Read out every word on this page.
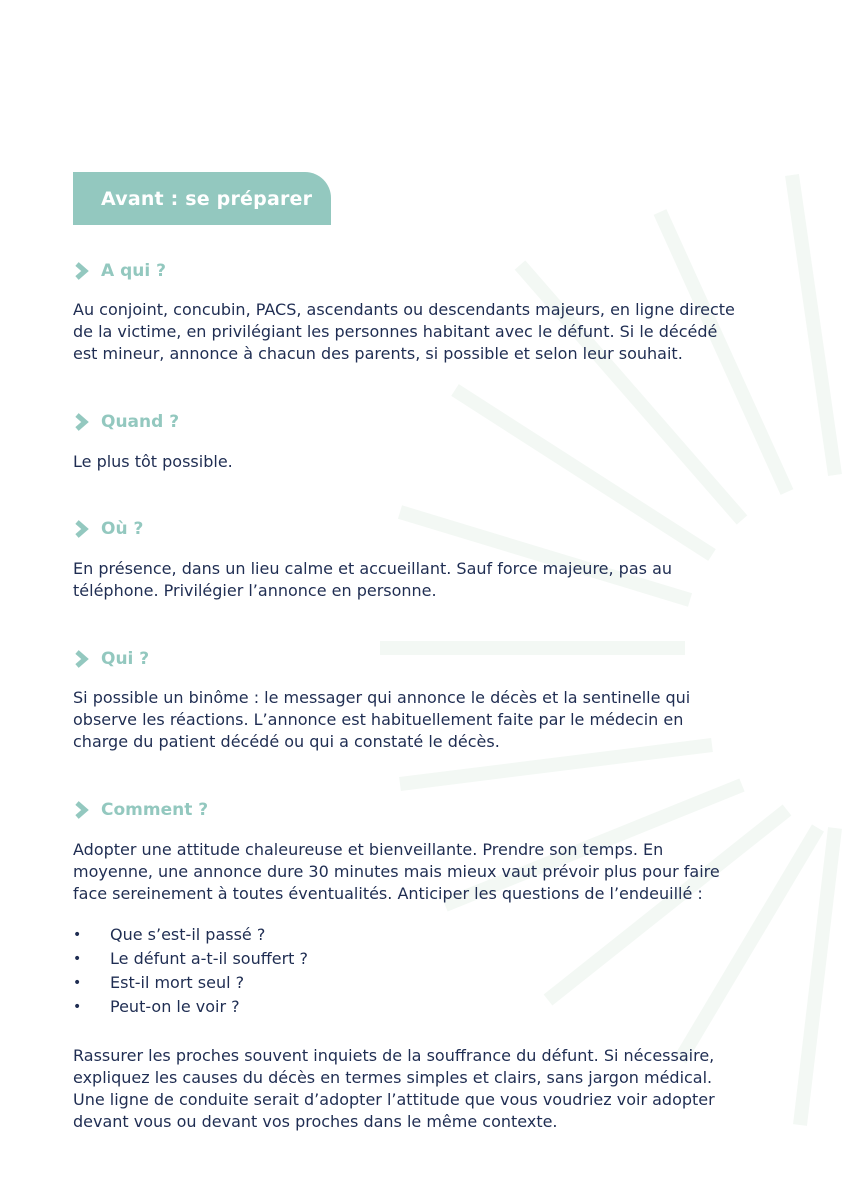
Avant : se préparer
A qui ?

Au conjoint, concubin, PACS, ascendants ou descendants majeurs, en ligne directe
de la victime, en privilégiant les personnes habitant avec le défunt. Si le décédé
est mineur, annonce à chacun des parents, si possible et selon leur souhait.

Quand ?

Le plus tôt possible.

Où ?

En présence, dans un lieu calme et accueillant. Sauf force majeure, pas au
téléphone. Privilégier l’annonce en personne.

Qui ?

Si possible un binôme : le messager qui annonce le décès et la sentinelle qui
observe les réactions. L’annonce est habituellement faite par le médecin en
charge du patient décédé ou qui a constaté le décès.

Comment ?

Adopter une attitude chaleureuse et bienveillante. Prendre son temps. En
moyenne, une annonce dure 30 minutes mais mieux vaut prévoir plus pour faire
face sereinement à toutes éventualités. Anticiper les questions de l’endeuillé :

•	Que s’est-il passé ?
•	Le défunt a-t-il souffert ?
•	Est-il mort seul ?
•	Peut-on le voir ?

Rassurer les proches souvent inquiets de la souffrance du défunt. Si nécessaire,
expliquez les causes du décès en termes simples et clairs, sans jargon médical.
Une ligne de conduite serait d’adopter l’attitude que vous voudriez voir adopter
devant vous ou devant vos proches dans le même contexte.
